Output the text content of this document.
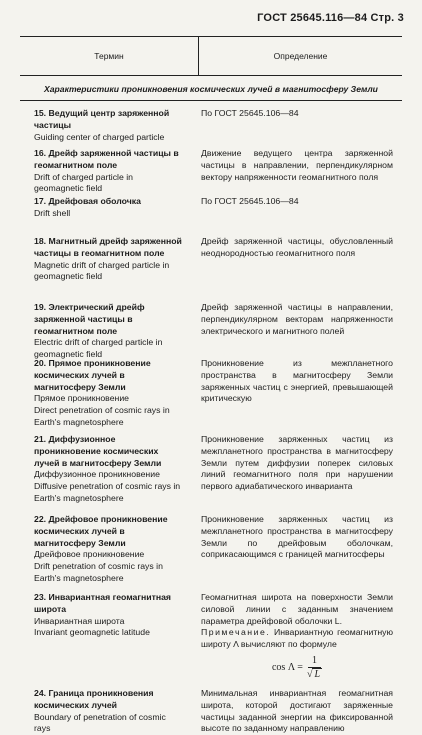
ГОСТ 25645.116—84 Стр. 3
Термин	Определение
Характеристики проникновения космических лучей в магнитосферу Земли
15. Ведущий центр заряженной частицы
Guiding center of charged particle
16. Дрейф заряженной частицы в геомагнитном поле
Drift of charged particle in geomagnetic field
17. Дрейфовая оболочка
Drift shell
18. Магнитный дрейф заряженной частицы в геомагнитном поле
Magnetic drift of charged particle in geomagnetic field
19. Электрический дрейф заряженной частицы в геомагнитном поле
Electric drift of charged particle in geomagnetic field
20. Прямое проникновение космических лучей в магнитосферу Земли
Прямое проникновение
Direct penetration of cosmic rays in Earth's magnetosphere
21. Диффузионное проникновение космических лучей в магнитосферу Земли
Диффузионное проникновение
Diffusive penetration of cosmic rays in Earth's magnetosphere
22. Дрейфовое проникновение космических лучей в магнитосферу Земли
Дрейфовое проникновение
Drift penetration of cosmic rays in Earth's magnetosphere
23. Инвариантная геомагнитная широта
Инвариантная широта
Invariant geomagnetic latitude
24. Граница проникновения космических лучей
Boundary of penetration of cosmic rays
По ГОСТ 25645.106—84
Движение ведущего центра заряженной частицы в направлении, перпендикулярном вектору напряженности геомагнитного поля
По ГОСТ 25645.106—84
Дрейф заряженной частицы, обусловленный неоднородностью геомагнитного поля
Дрейф заряженной частицы в направлении, перпендикулярном векторам напряженности электрического и магнитного полей
Проникновение из межпланетного пространства в магнитосферу Земли заряженных частиц с энергией, превышающей критическую
Проникновение заряженных частиц из межпланетного пространства в магнитосферу Земли путем диффузии поперек силовых линий геомагнитного поля при нарушении первого адиабатического инварианта
Проникновение заряженных частиц из межпланетного пространства в магнитосферу Земли по дрейфовым оболочкам, соприкасающимся с границей магнитосферы
Геомагнитная широта на поверхности Земли силовой линии с заданным значением параметра дрейфовой оболочки L.
Примечание. Инвариантную геомагнитную широту Λ вычисляют по формуле
$\cos \Lambda = \frac{1}{√ L}$
Минимальная инвариантная геомагнитная широта, которой достигают заряженные частицы заданной энергии на фиксированной высоте по заданному направлению
